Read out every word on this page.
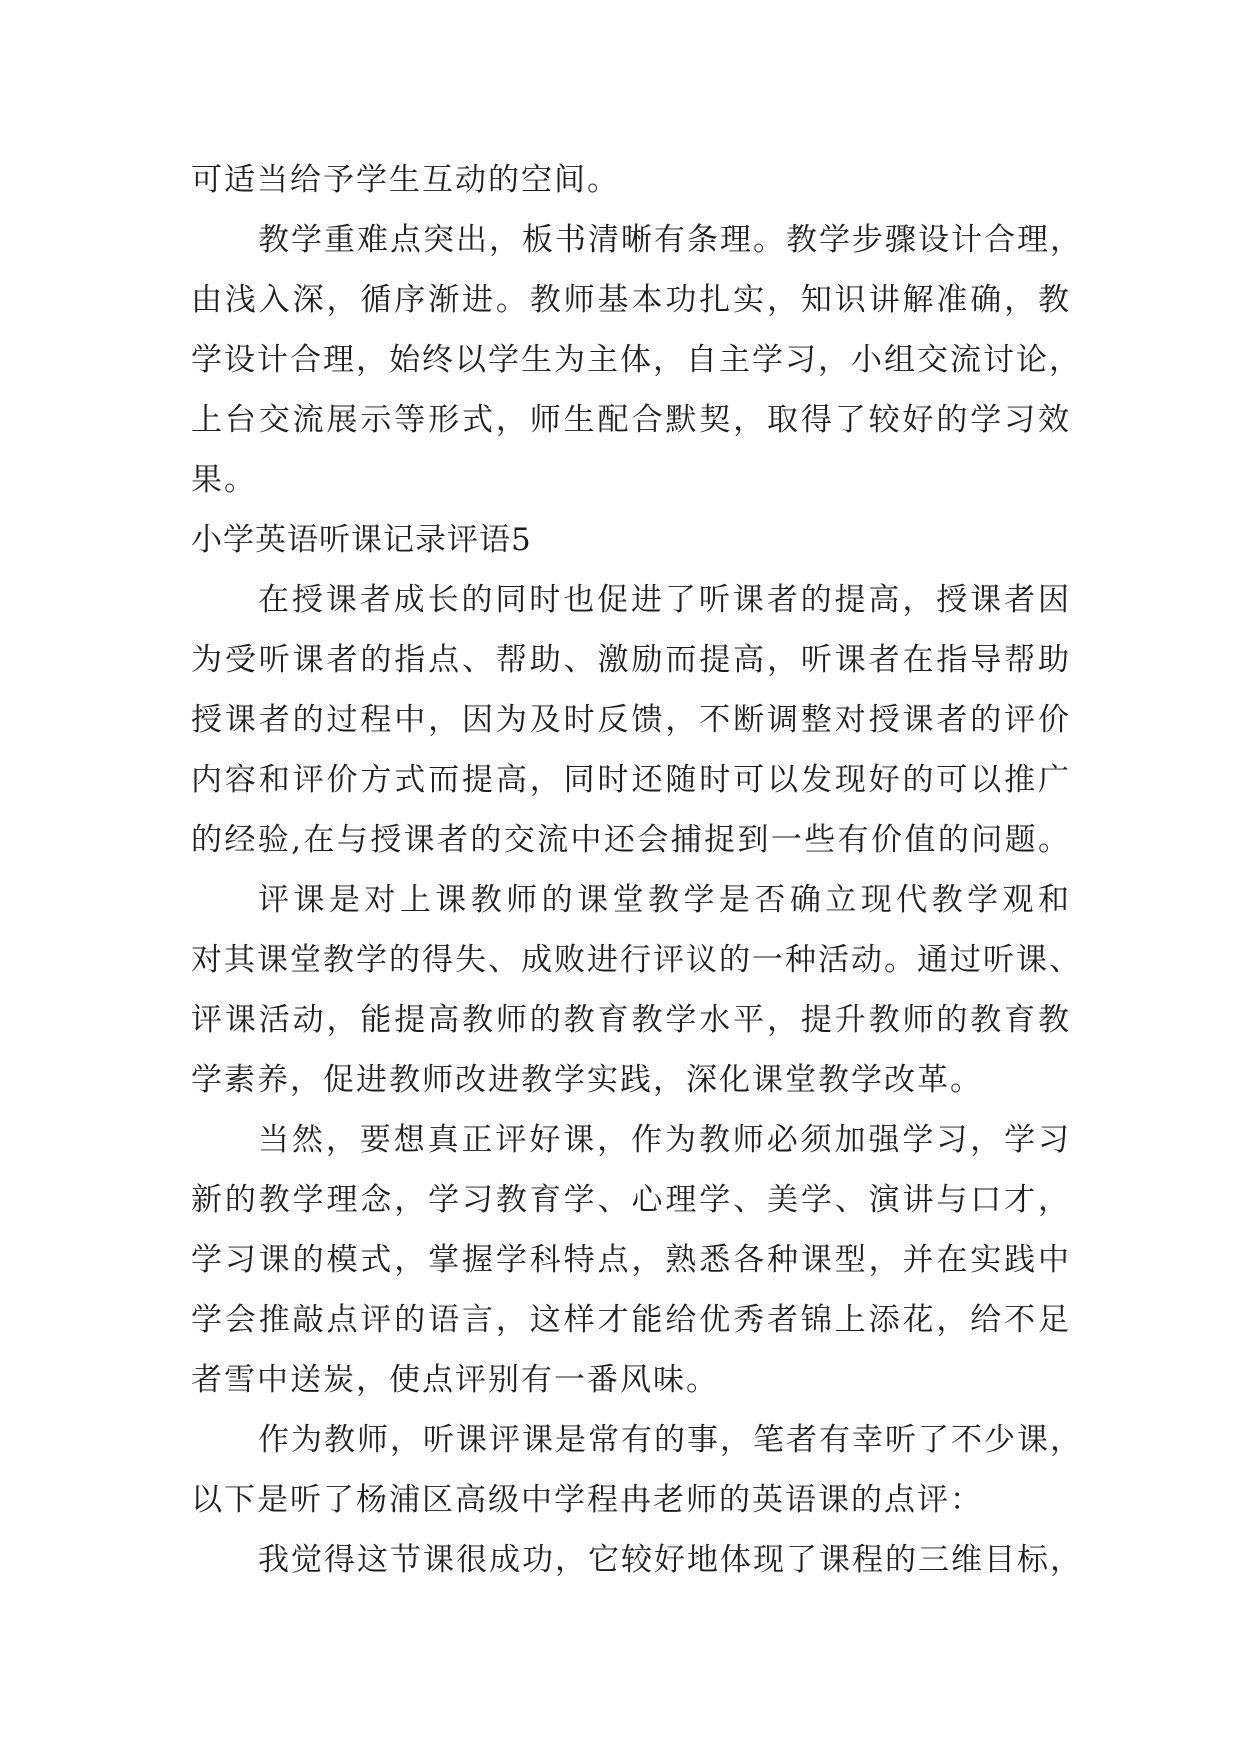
可适当给予学生互动的空间。
教学重难点突出，板书清晰有条理。教学步骤设计合理，
由浅入深，循序渐进。教师基本功扎实，知识讲解准确，教
学设计合理，始终以学生为主体，自主学习，小组交流讨论，
上台交流展示等形式，师生配合默契，取得了较好的学习效
果。
小学英语听课记录评语5
在授课者成长的同时也促进了听课者的提高，授课者因
为受听课者的指点、帮助、激励而提高，听课者在指导帮助
授课者的过程中，因为及时反馈，不断调整对授课者的评价
内容和评价方式而提高，同时还随时可以发现好的可以推广
的经验,在与授课者的交流中还会捕捉到一些有价值的问题。
评课是对上课教师的课堂教学是否确立现代教学观和
对其课堂教学的得失、成败进行评议的一种活动。通过听课、
评课活动，能提高教师的教育教学水平，提升教师的教育教
学素养，促进教师改进教学实践，深化课堂教学改革。
当然，要想真正评好课，作为教师必须加强学习，学习
新的教学理念，学习教育学、心理学、美学、演讲与口才，
学习课的模式，掌握学科特点，熟悉各种课型，并在实践中
学会推敲点评的语言，这样才能给优秀者锦上添花，给不足
者雪中送炭，使点评别有一番风味。
作为教师，听课评课是常有的事，笔者有幸听了不少课，
以下是听了杨浦区高级中学程冉老师的英语课的点评：
我觉得这节课很成功，它较好地体现了课程的三维目标，
